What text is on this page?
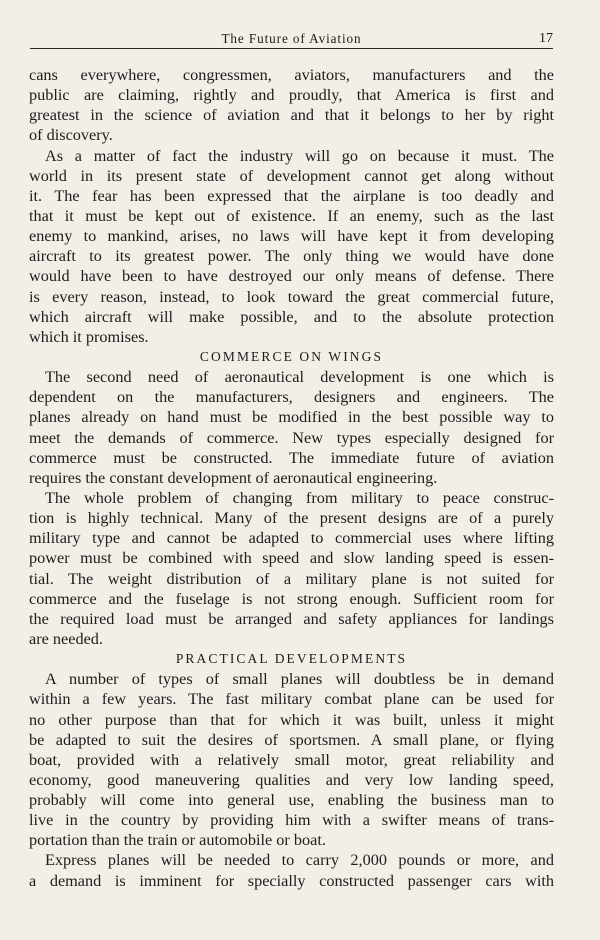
The Future of Aviation	17
cans everywhere, congressmen, aviators, manufacturers and the
public are claiming, rightly and proudly, that America is first and
greatest in the science of aviation and that it belongs to her by right
of discovery.
As a matter of fact the industry will go on because it must. The
world in its present state of development cannot get along without
it. The fear has been expressed that the airplane is too deadly and
that it must be kept out of existence. If an enemy, such as the last
enemy to mankind, arises, no laws will have kept it from developing
aircraft to its greatest power. The only thing we would have done
would have been to have destroyed our only means of defense. There
is every reason, instead, to look toward the great commercial future,
which aircraft will make possible, and to the absolute protection
which it promises.
COMMERCE ON WINGS
The second need of aeronautical development is one which is
dependent on the manufacturers, designers and engineers. The
planes already on hand must be modified in the best possible way to
meet the demands of commerce. New types especially designed for
commerce must be constructed. The immediate future of aviation
requires the constant development of aeronautical engineering.
The whole problem of changing from military to peace construc-
tion is highly technical. Many of the present designs are of a purely
military type and cannot be adapted to commercial uses where lifting
power must be combined with speed and slow landing speed is essen-
tial. The weight distribution of a military plane is not suited for
commerce and the fuselage is not strong enough. Sufficient room for
the required load must be arranged and safety appliances for landings
are needed.
PRACTICAL DEVELOPMENTS
A number of types of small planes will doubtless be in demand
within a few years. The fast military combat plane can be used for
no other purpose than that for which it was built, unless it might
be adapted to suit the desires of sportsmen. A small plane, or flying
boat, provided with a relatively small motor, great reliability and
economy, good maneuvering qualities and very low landing speed,
probably will come into general use, enabling the business man to
live in the country by providing him with a swifter means of trans-
portation than the train or automobile or boat.
Express planes will be needed to carry 2,000 pounds or more, and
a demand is imminent for specially constructed passenger cars with
